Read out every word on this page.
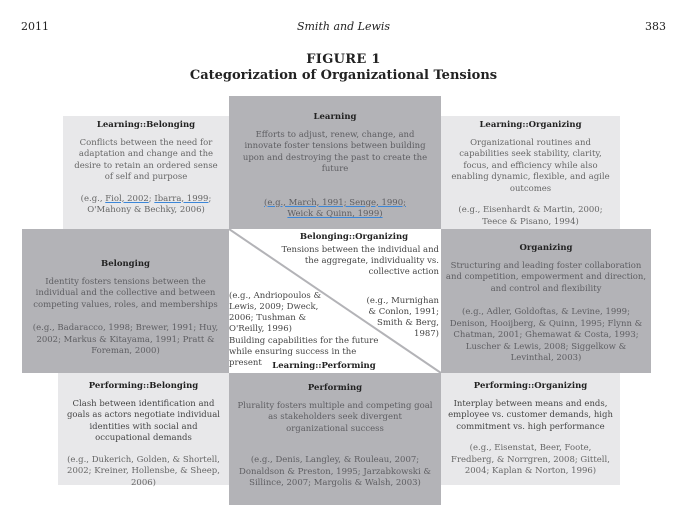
2011	Smith and Lewis	383
FIGURE 1
Categorization of Organizational Tensions
Learning::Belonging
Conflicts between the need for adaptation and change and the desire to retain an ordered sense of self and purpose
(e.g., Fiol, 2002; Ibarra, 1999; O'Mahony & Bechky, 2006)
Learning
Efforts to adjust, renew, change, and innovate foster tensions between building upon and destroying the past to create the future
(e.g., March, 1991; Senge, 1990; Weick & Quinn, 1999)
Learning::Organizing
Organizational routines and capabilities seek stability, clarity, focus, and efficiency while also enabling dynamic, flexible, and agile outcomes
(e.g., Eisenhardt & Martin, 2000; Teece & Pisano, 1994)
Belonging
Identity fosters tensions between the individual and the collective and between competing values, roles, and memberships
(e.g., Badaracco, 1998; Brewer, 1991; Huy, 2002; Markus & Kitayama, 1991; Pratt & Foreman, 2000)
Belonging::Organizing
Tensions between the individual and the aggregate, individuality vs. collective action
(e.g., Andriopoulos & Lewis, 2009; Dweck, 2006; Tushman & O'Reilly, 1996)
(e.g., Murnighan & Conlon, 1991; Smith & Berg, 1987)
Building capabilities for the future while ensuring success in the present	Learning::Performing
Organizing
Structuring and leading foster collaboration and competition, empowerment and direction, and control and flexibility
(e.g., Adler, Goldoftas, & Levine, 1999; Denison, Hooijberg, & Quinn, 1995; Flynn & Chatman, 2001; Ghemawat & Costa, 1993; Luscher & Lewis, 2008; Siggelkow & Levinthal, 2003)
Performing::Belonging
Clash between identification and goals as actors negotiate individual identities with social and occupational demands
(e.g., Dukerich, Golden, & Shortell, 2002; Kreiner, Hollensbe, & Sheep, 2006)
Performing
Plurality fosters multiple and competing goal as stakeholders seek divergent organizational success
(e.g., Denis, Langley, & Rouleau, 2007; Donaldson & Preston, 1995; Jarzabkowski & Sillince, 2007; Margolis & Walsh, 2003)
Performing::Organizing
Interplay between means and ends, employee vs. customer demands, high commitment vs. high performance
(e.g., Eisenstat, Beer, Foote, Fredberg, & Norrgren, 2008; Gittell, 2004; Kaplan & Norton, 1996)
